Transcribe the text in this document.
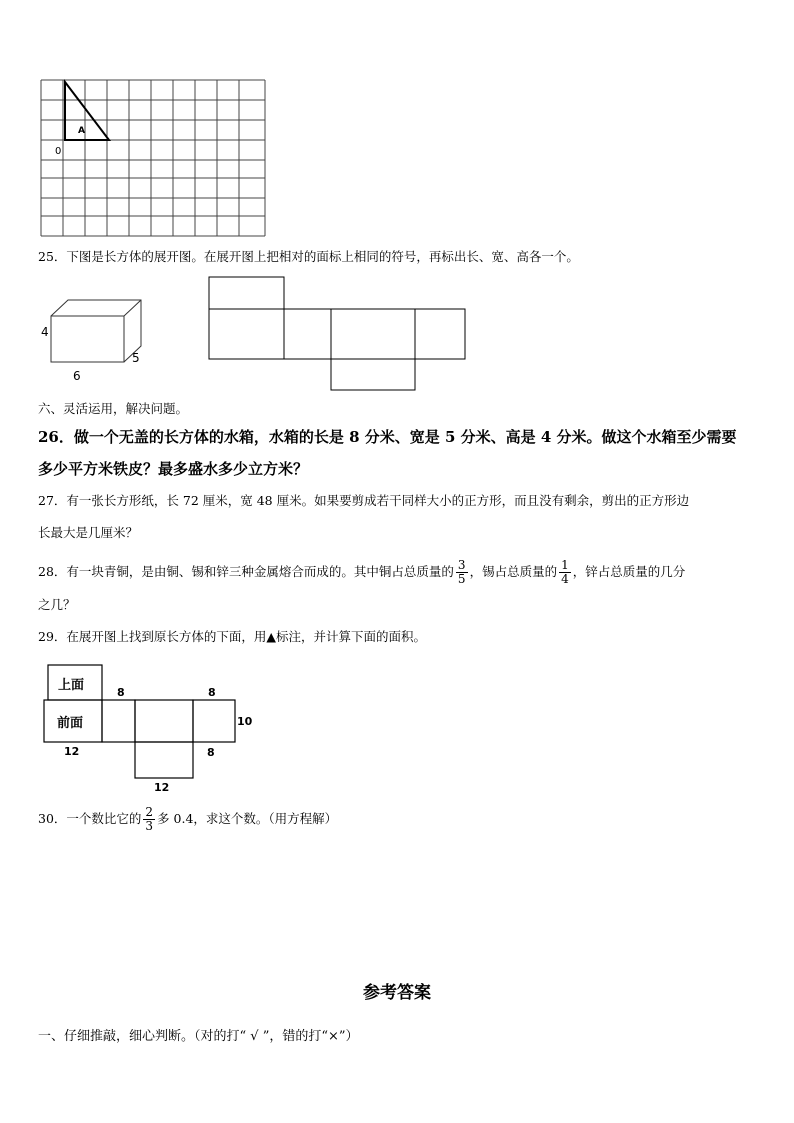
A
0
25．下图是长方体的展开图。在展开图上把相对的面标上相同的符号，再标出长、宽、高各一个。
4
5
6
六、灵活运用，解决问题。
26．做一个无盖的长方体的水箱，水箱的长是 8 分米、宽是 5 分米、高是 4 分米。做这个水箱至少需要
多少平方米铁皮？最多盛水多少立方米？
27．有一张长方形纸，长 72 厘米，宽 48 厘米。如果要剪成若干同样大小的正方形，而且没有剩余，剪出的正方形边
长最大是几厘米？
28．有一块青铜，是由铜、锡和锌三种金属熔合而成的。其中铜占总质量的 $\frac{3}{5}$ ，锡占总质量的 $\frac{1}{4}$ ，锌占总质量的几分
之几？
29．在展开图上找到原长方体的下面，用▲标注，并计算下面的面积。
上面
前面
8	8
10
12	8
12
30．一个数比它的 $\frac{2}{3}$ 多 0.4，求这个数。（用方程解）
参考答案
一、仔细推敲，细心判断。（对的打“ √ ”，错的打“×”）
